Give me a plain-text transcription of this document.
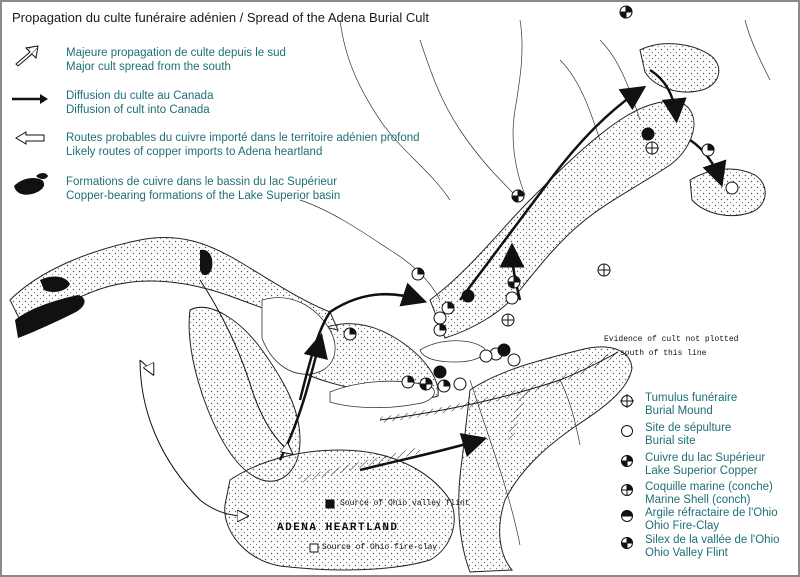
Propagation du culte funéraire adénien / Spread of the Adena Burial Cult
Majeure propagation de culte depuis le sud
Major cult spread from the south
Diffusion du culte au Canada
Diffusion of cult into Canada
Routes probables du cuivre importé dans le territoire adénien profond
Likely routes of copper imports to Adena heartland
Formations de cuivre dans le bassin du lac Supérieur
Copper-bearing formations of the Lake Superior basin
ADENA HEARTLAND
Source of Ohio valley flint
Source of Ohio fire-clay
Evidence of cult not plotted
south of this line
Tumulus funéraire
Burial Mound
Site de sépulture
Burial site
Cuivre du lac Supérieur
Lake Superior Copper
Coquille marine (conche)
Marine Shell (conch)
Argile réfractaire de l'Ohio
Ohio Fire-Clay
Silex de la vallée de l'Ohio
Ohio Valley Flint
